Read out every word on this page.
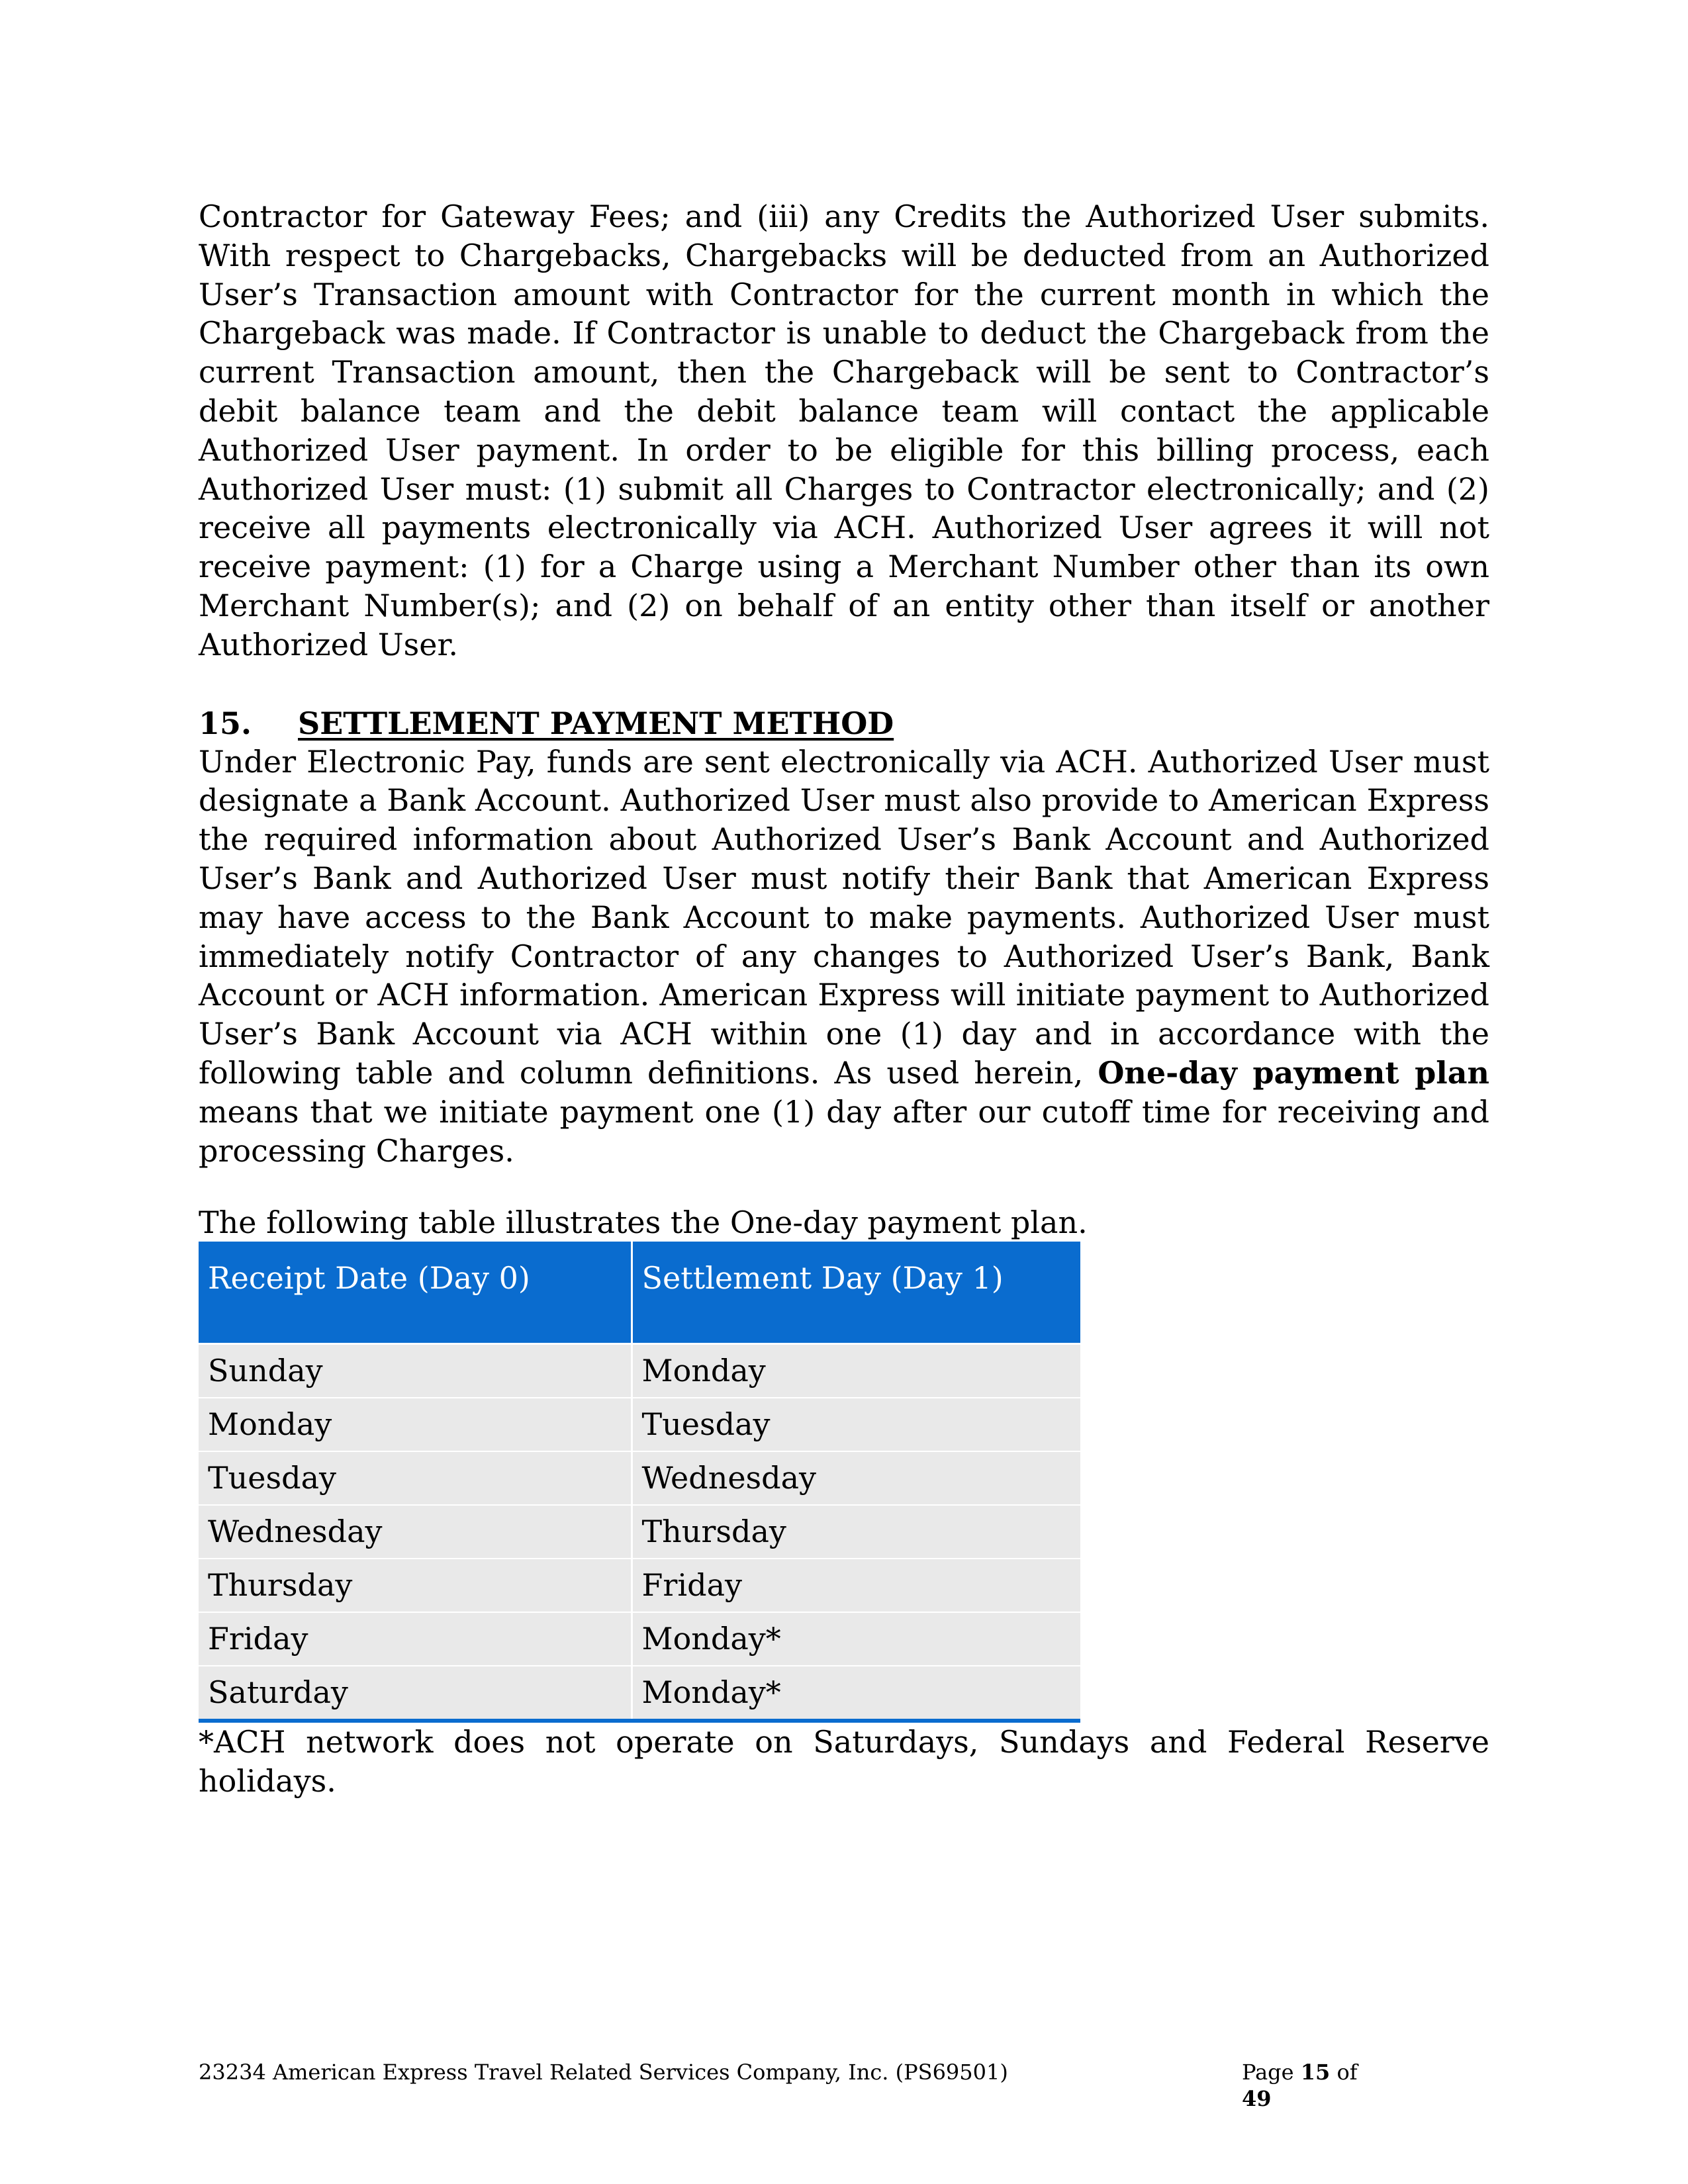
Contractor for Gateway Fees; and (iii) any Credits the Authorized User submits. With respect to Chargebacks, Chargebacks will be deducted from an Authorized User’s Transaction amount with Contractor for the current month in which the Chargeback was made. If Contractor is unable to deduct the Chargeback from the current Transaction amount, then the Chargeback will be sent to Contractor’s debit balance team and the debit balance team will contact the applicable Authorized User payment. In order to be eligible for this billing process, each Authorized User must: (1) submit all Charges to Contractor electronically; and (2) receive all payments electronically via ACH. Authorized User agrees it will not receive payment: (1) for a Charge using a Merchant Number other than its own Merchant Number(s); and (2) on behalf of an entity other than itself or another Authorized User.

15.	SETTLEMENT PAYMENT METHOD

Under Electronic Pay, funds are sent electronically via ACH. Authorized User must designate a Bank Account. Authorized User must also provide to American Express the required information about Authorized User’s Bank Account and Authorized User’s Bank and Authorized User must notify their Bank that American Express may have access to the Bank Account to make payments. Authorized User must immediately notify Contractor of any changes to Authorized User’s Bank, Bank Account or ACH information. American Express will initiate payment to Authorized User’s Bank Account via ACH within one (1) day and in accordance with the following table and column definitions. As used herein, One-day payment plan means that we initiate payment one (1) day after our cutoff time for receiving and processing Charges.

The following table illustrates the One-day payment plan.
Receipt Date (Day 0)	Settlement Day (Day 1)
Sunday	Monday
Monday	Tuesday
Tuesday	Wednesday
Wednesday	Thursday
Thursday	Friday
Friday	Monday*
Saturday	Monday*

*ACH network does not operate on Saturdays, Sundays and Federal Reserve holidays.

23234 American Express Travel Related Services Company, Inc. (PS69501)	Page 15 of 49
